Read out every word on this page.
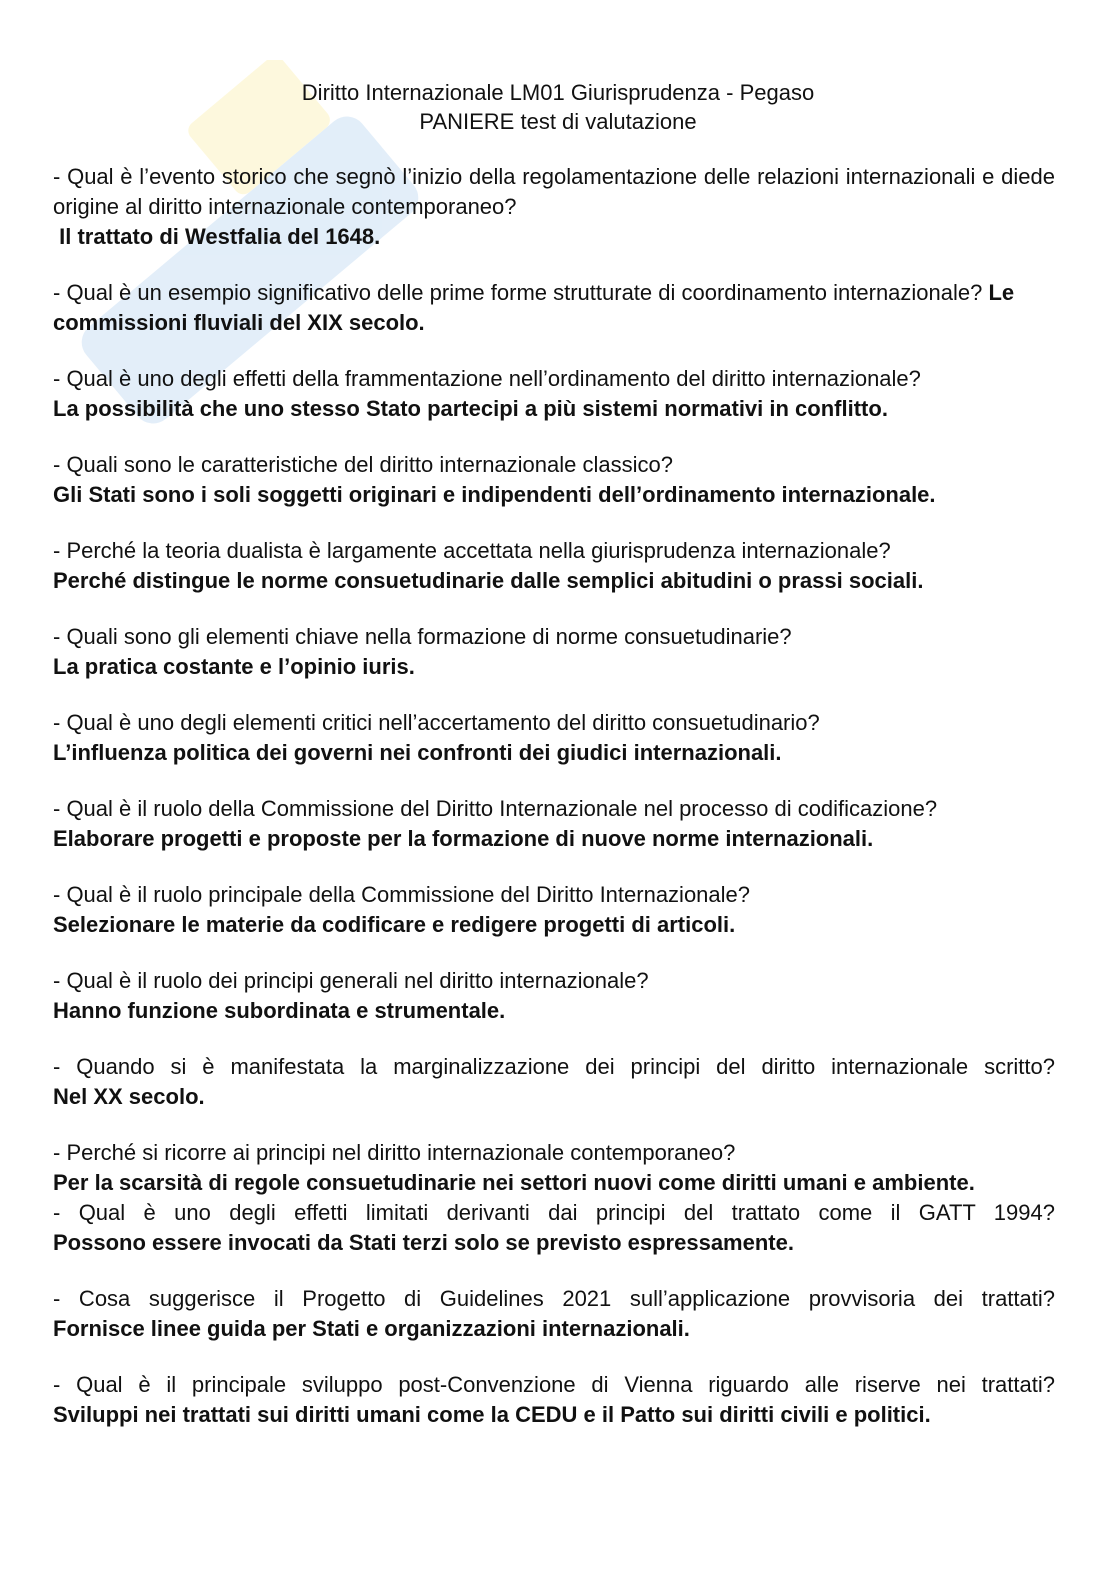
Diritto Internazionale LM01 Giurisprudenza - Pegaso
PANIERE test di valutazione
- Qual è l’evento storico che segnò l’inizio della regolamentazione delle relazioni internazionali e diede origine al diritto internazionale contemporaneo?
Il trattato di Westfalia del 1648.
- Qual è un esempio significativo delle prime forme strutturate di coordinamento internazionale? Le commissioni fluviali del XIX secolo.
- Qual è uno degli effetti della frammentazione nell’ordinamento del diritto internazionale?
La possibilità che uno stesso Stato partecipi a più sistemi normativi in conflitto.
- Quali sono le caratteristiche del diritto internazionale classico?
Gli Stati sono i soli soggetti originari e indipendenti dell’ordinamento internazionale.
- Perché la teoria dualista è largamente accettata nella giurisprudenza internazionale?
Perché distingue le norme consuetudinarie dalle semplici abitudini o prassi sociali.
- Quali sono gli elementi chiave nella formazione di norme consuetudinarie?
La pratica costante e l’opinio iuris.
- Qual è uno degli elementi critici nell’accertamento del diritto consuetudinario?
L’influenza politica dei governi nei confronti dei giudici internazionali.
- Qual è il ruolo della Commissione del Diritto Internazionale nel processo di codificazione?
Elaborare progetti e proposte per la formazione di nuove norme internazionali.
- Qual è il ruolo principale della Commissione del Diritto Internazionale?
Selezionare le materie da codificare e redigere progetti di articoli.
- Qual è il ruolo dei principi generali nel diritto internazionale?
Hanno funzione subordinata e strumentale.
- Quando si è manifestata la marginalizzazione dei principi del diritto internazionale scritto?
Nel XX secolo.
- Perché si ricorre ai principi nel diritto internazionale contemporaneo?
Per la scarsità di regole consuetudinarie nei settori nuovi come diritti umani e ambiente.
- Qual è uno degli effetti limitati derivanti dai principi del trattato come il GATT 1994?
Possono essere invocati da Stati terzi solo se previsto espressamente.
- Cosa suggerisce il Progetto di Guidelines 2021 sull’applicazione provvisoria dei trattati?
Fornisce linee guida per Stati e organizzazioni internazionali.
- Qual è il principale sviluppo post-Convenzione di Vienna riguardo alle riserve nei trattati?
Sviluppi nei trattati sui diritti umani come la CEDU e il Patto sui diritti civili e politici.
